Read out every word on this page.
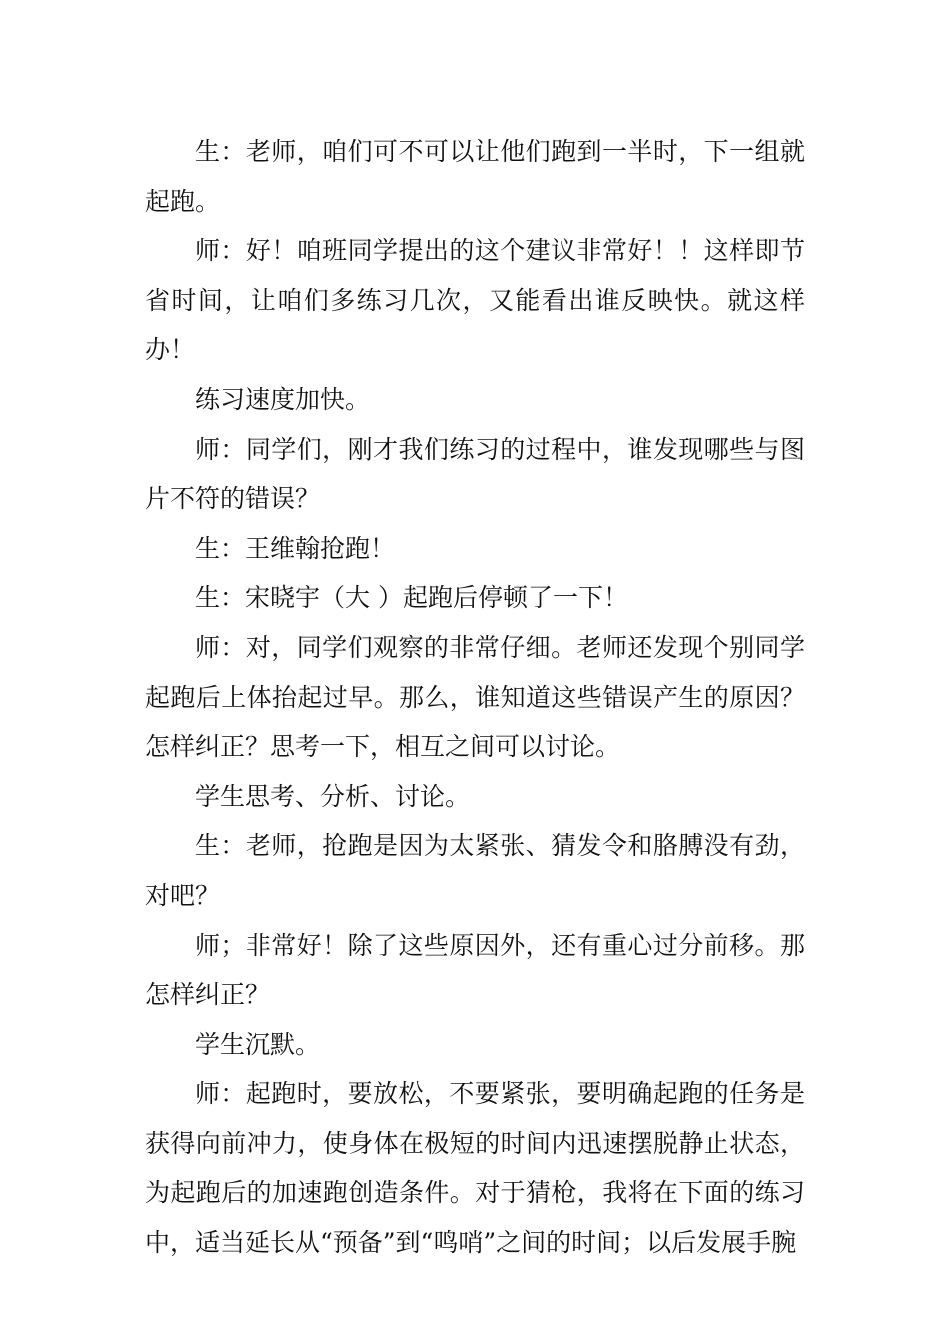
生：老师，咱们可不可以让他们跑到一半时，下一组就起跑。

师：好！咱班同学提出的这个建议非常好！！这样即节省时间，让咱们多练习几次，又能看出谁反映快。就这样办！

练习速度加快。

师：同学们，刚才我们练习的过程中，谁发现哪些与图片不符的错误？

生：王维翰抢跑！

生：宋晓宇（大 ）起跑后停顿了一下！

师：对，同学们观察的非常仔细。老师还发现个别同学起跑后上体抬起过早。那么，谁知道这些错误产生的原因？怎样纠正？思考一下，相互之间可以讨论。

学生思考、分析、讨论。

生：老师，抢跑是因为太紧张、猜发令和胳膊没有劲，对吧？

师；非常好！除了这些原因外，还有重心过分前移。那怎样纠正？

学生沉默。

师：起跑时，要放松，不要紧张，要明确起跑的任务是获得向前冲力，使身体在极短的时间内迅速摆脱静止状态，为起跑后的加速跑创造条件。对于猜枪，我将在下面的练习中，适当延长从“预备”到“鸣哨”之间的时间；以后发展手腕
